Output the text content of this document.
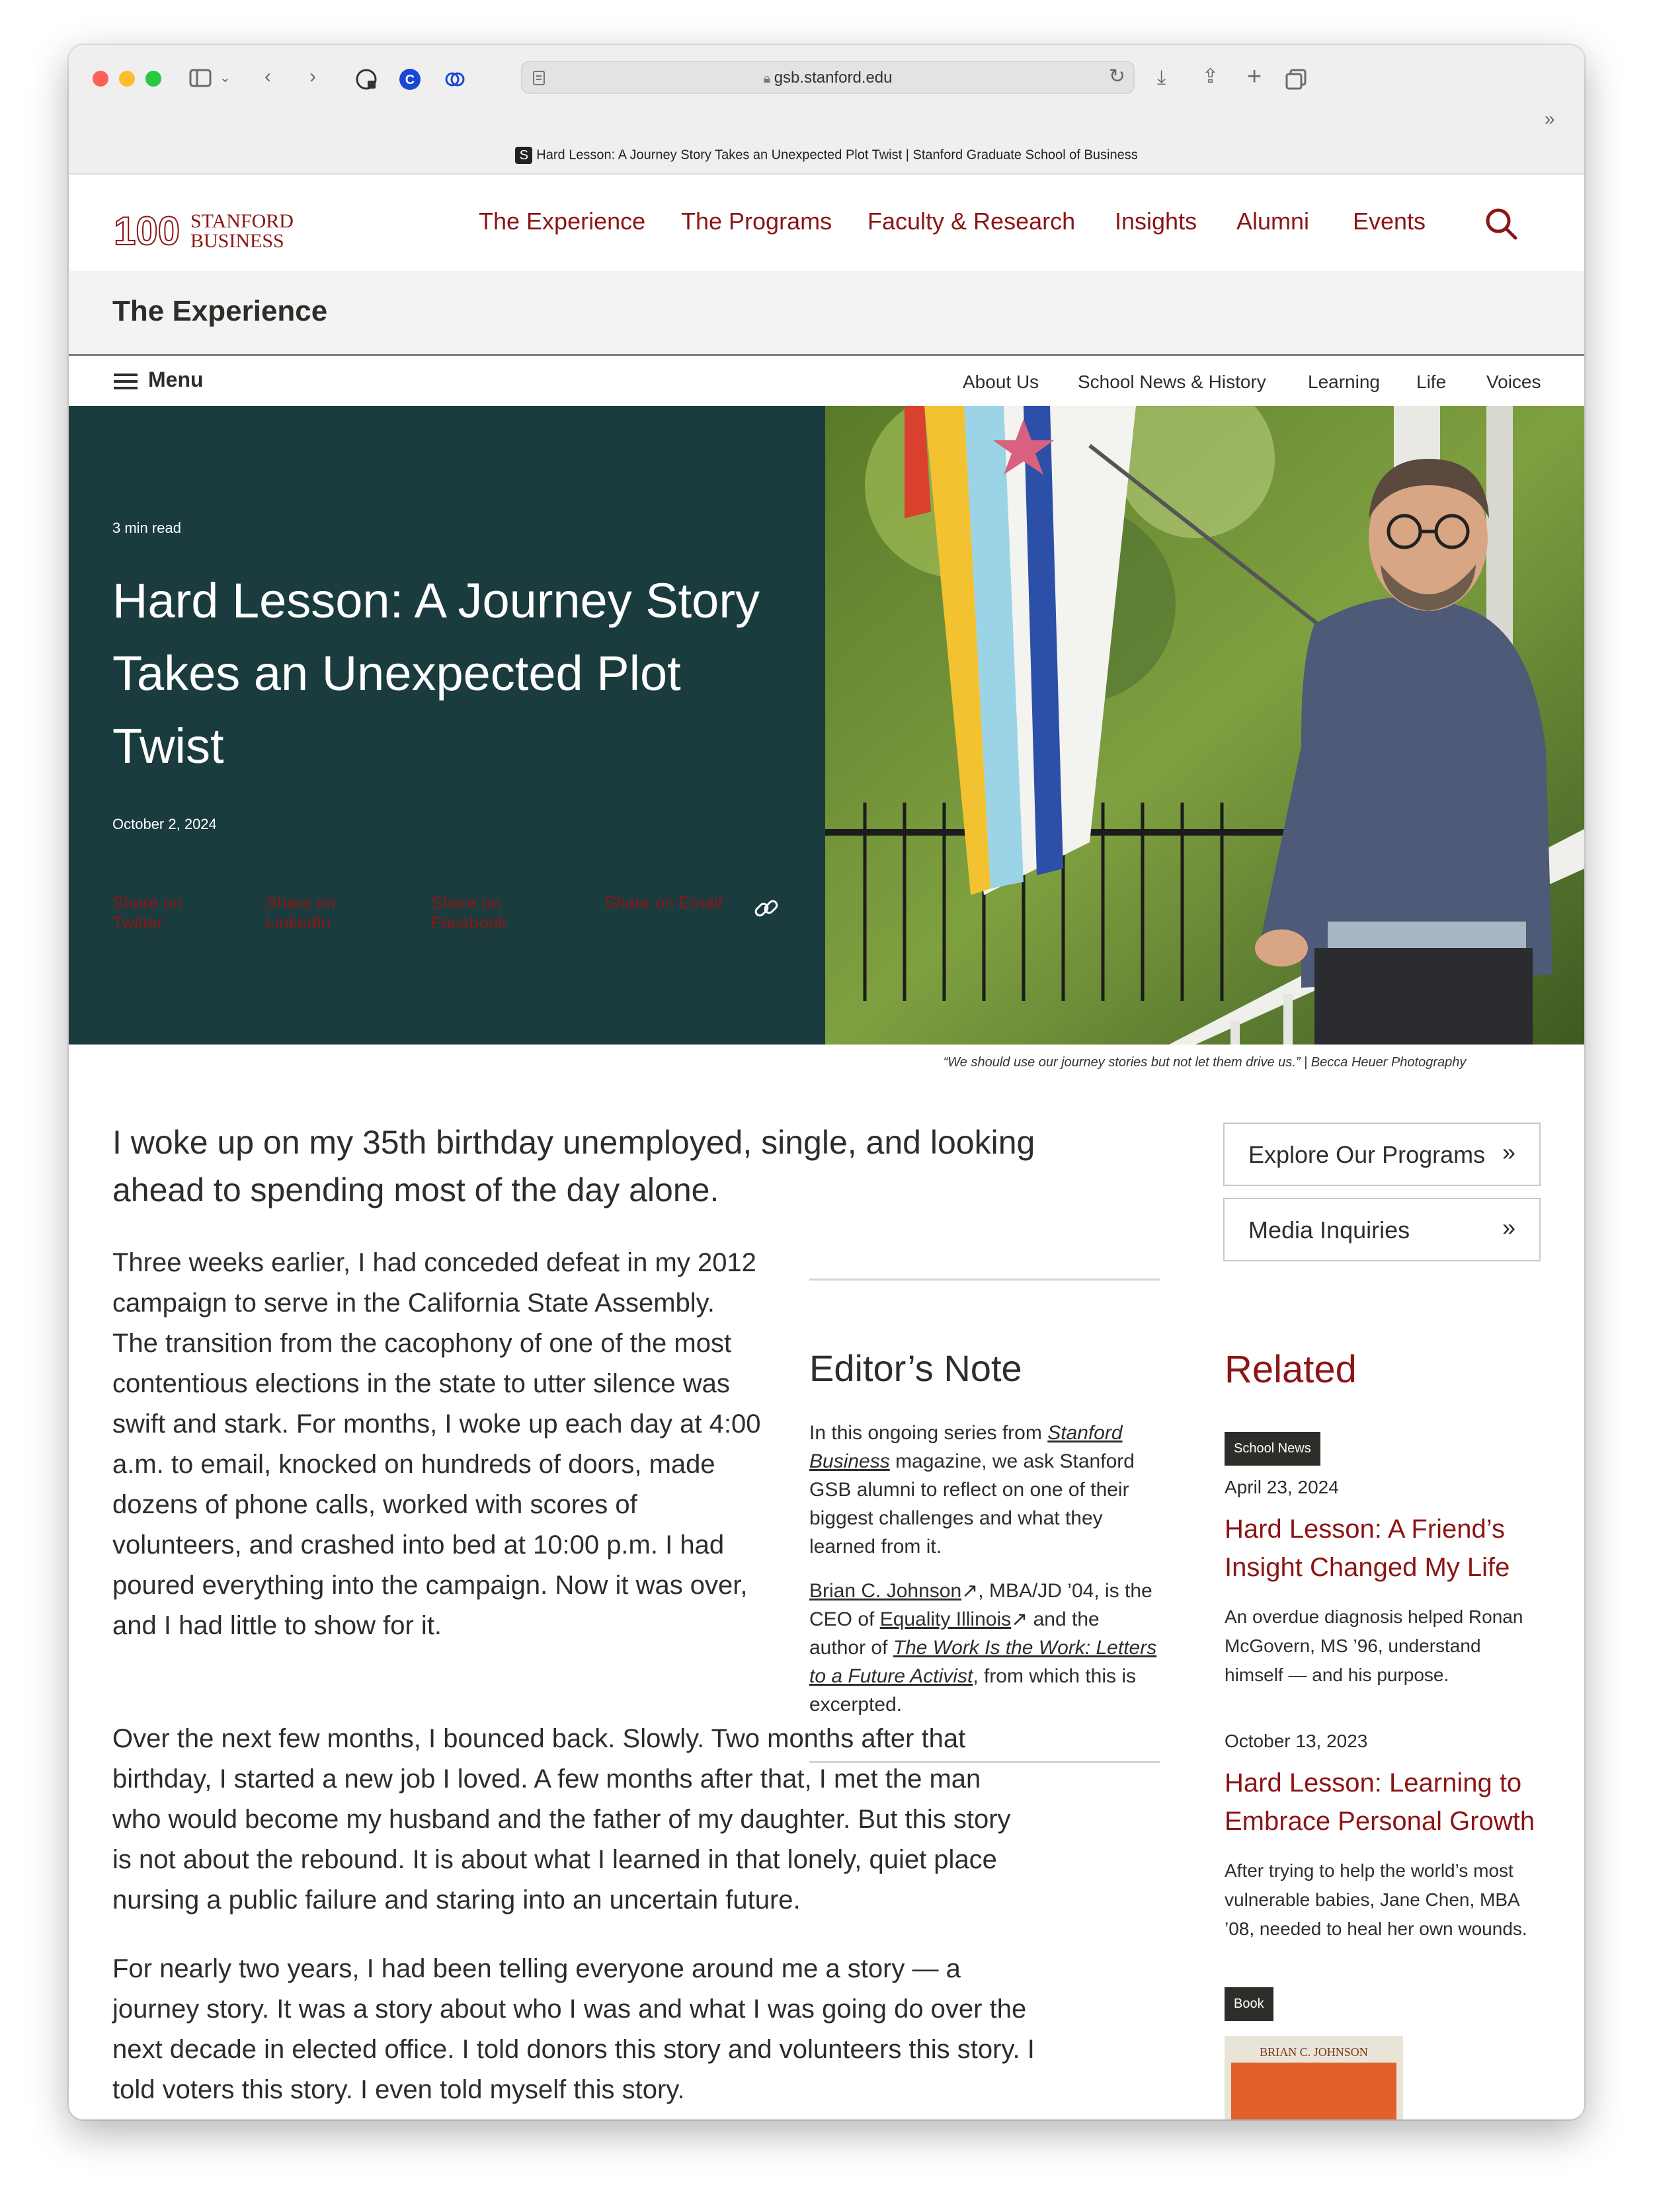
⌄ ‹ ›	C	🔒︎ gsb.stanford.edu	↻ ⤓ ⇪ +
»
S Hard Lesson: A Journey Story Takes an Unexpected Plot Twist | Stanford Graduate School of Business
100 STANFORD
BUSINESS
The Experience The Programs Faculty & Research Insights Alumni Events
The Experience
Menu	About Us School News & History Learning Life Voices
3 min read
Hard Lesson: A Journey Story Takes an Unexpected Plot Twist
October 2, 2024
Share on Twitter
Share on LinkedIn
Share on Facebook
Share on Email
“We should use our journey stories but not let them drive us.” | Becca Heuer Photography

I woke up on my 35th birthday unemployed, single, and looking ahead to spending most of the day alone.

Three weeks earlier, I had conceded defeat in my 2012 campaign to serve in the California State Assembly. The transition from the cacophony of one of the most contentious elections in the state to utter silence was swift and stark. For months, I woke up each day at 4:00 a.m. to email, knocked on hundreds of doors, made dozens of phone calls, worked with scores of volunteers, and crashed into bed at 10:00 p.m. I had poured everything into the campaign. Now it was over, and I had little to show for it.

Over the next few months, I bounced back. Slowly. Two months after that birthday, I started a new job I loved. A few months after that, I met the man who would become my husband and the father of my daughter. But this story is not about the rebound. It is about what I learned in that lonely, quiet place nursing a public failure and staring into an uncertain future.

For nearly two years, I had been telling everyone around me a story — a journey story. It was a story about who I was and what I was going do over the next decade in elected office. I told donors this story and volunteers this story. I told voters this story. I even told myself this story.

Editor’s Note

In this ongoing series from Stanford Business magazine, we ask Stanford GSB alumni to reflect on one of their biggest challenges and what they learned from it.

Brian C. Johnson↗, MBA/JD ’04, is the CEO of Equality Illinois↗ and the author of The Work Is the Work: Letters to a Future Activist, from which this is excerpted.

Explore Our Programs »
Media Inquiries	»
Related
School News
April 23, 2024
Hard Lesson: A Friend’s Insight Changed My Life
An overdue diagnosis helped Ronan McGovern, MS ’96, understand himself — and his purpose.
October 13, 2023
Hard Lesson: Learning to Embrace Personal Growth
After trying to help the world’s most vulnerable babies, Jane Chen, MBA ’08, needed to heal her own wounds.
Book
BRIAN C. JOHNSON
